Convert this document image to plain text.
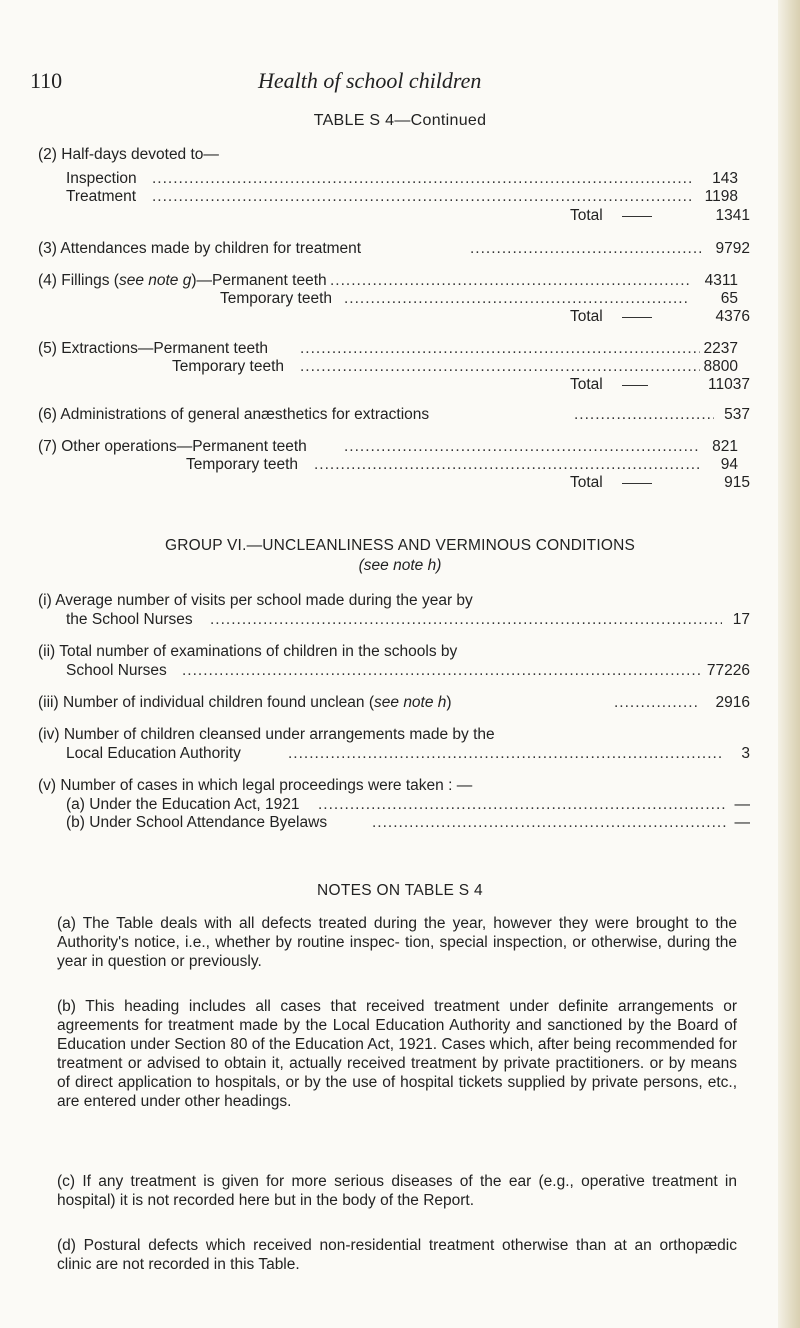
110	Health of school children
TABLE S 4—Continued
(2) Half-days devoted to—
Inspection .....	143
Treatment .....	1198
Total	1341
(3) Attendances made by children for treatment .....	9792
(4) Fillings (see note g)—Permanent teeth .....	4311
Temporary teeth .....	65
Total	4376
(5) Extractions—Permanent teeth .....	2237
Temporary teeth .....	8800
Total	11037
(6) Administrations of general anæsthetics for extractions .....	537
(7) Other operations—Permanent teeth .....	821
Temporary teeth .....	94
Total	915
GROUP VI.—UNCLEANLINESS AND VERMINOUS CONDITIONS
(see note h)
(i) Average number of visits per school made during the year by
the School Nurses .....	17
(ii) Total number of examinations of children in the schools by
School Nurses .....	77226
(iii) Number of individual children found unclean (see note h) .....	2916
(iv) Number of children cleansed under arrangements made by the
Local Education Authority .....	3
(v) Number of cases in which legal proceedings were taken : —
(a) Under the Education Act, 1921 .....	—
(b) Under School Attendance Byelaws .....	—
NOTES ON TABLE S 4

(a) The Table deals with all defects treated during the year, however they were brought to the Authority's notice, i.e., whether by routine inspec- tion, special inspection, or otherwise, during the year in question or previously.

(b) This heading includes all cases that received treatment under definite arrangements or agreements for treatment made by the Local Education Authority and sanctioned by the Board of Education under Section 80 of the Education Act, 1921. Cases which, after being recommended for treatment or advised to obtain it, actually received treatment by private practitioners. or by means of direct application to hospitals, or by the use of hospital tickets supplied by private persons, etc., are entered under other headings.

(c) If any treatment is given for more serious diseases of the ear (e.g., operative treatment in hospital) it is not recorded here but in the body of the Report.

(d) Postural defects which received non-residential treatment otherwise than at an orthopædic clinic are not recorded in this Table.
